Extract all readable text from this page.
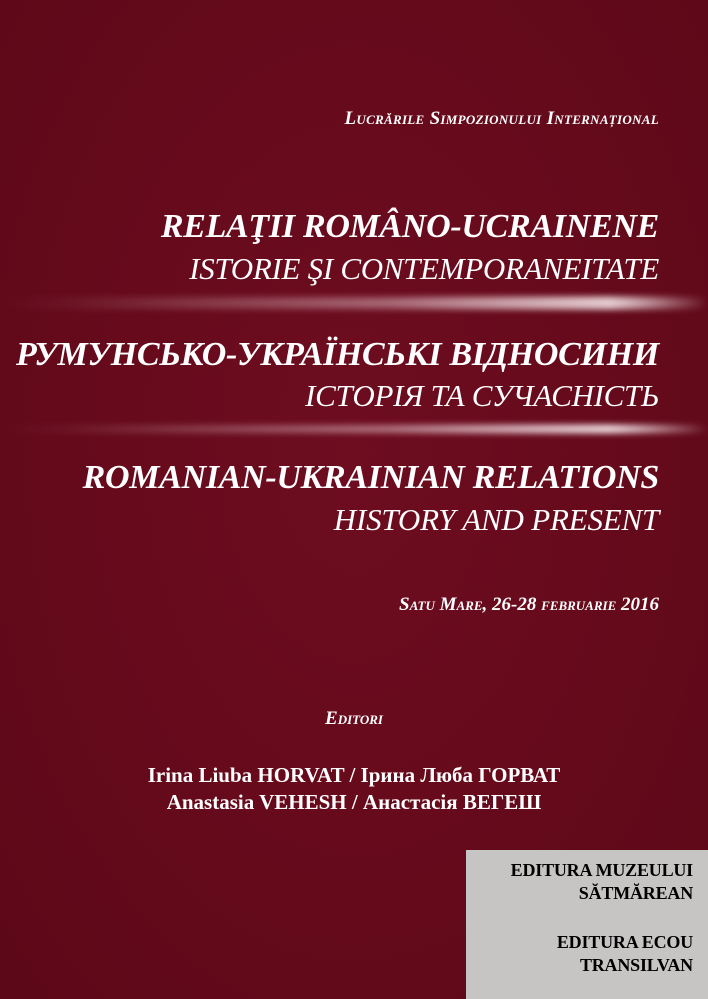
Lucrările Simpozionului Internațional
RELAŢII ROMÂNO-UCRAINENE
ISTORIE ŞI CONTEMPORANEITATE
РУМУНСЬКО-УКРАЇНСЬКІ ВІДНОСИНИ
ІСТОРІЯ ТА СУЧАСНІСТЬ
ROMANIAN-UKRAINIAN RELATIONS
HISTORY AND PRESENT
Satu Mare, 26-28 februarie 2016
Editori
Irina Liuba HORVAT / Ірина Люба ГОРВАТ
Anastasia VEHESH / Анастасія ВЕГЕШ
EDITURA MUZEULUI
SĂTMĂREAN
EDITURA ECOU
TRANSILVAN
